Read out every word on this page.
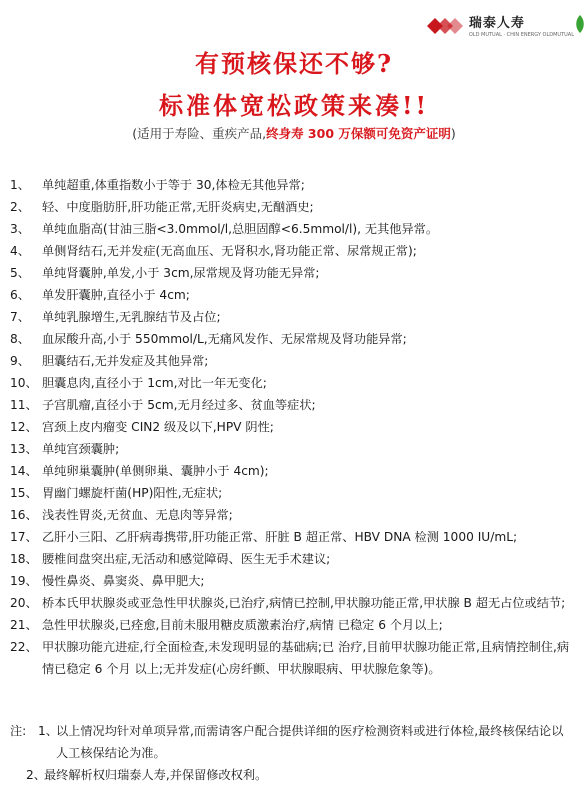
瑞泰人寿
OLD MUTUAL · CHIN ENERGY OLDMUTUAL
有预核保还不够?
标准体宽松政策来凑!!
(适用于寿险、重疾产品,终身寿 300 万保额可免资产证明)
1、 单纯超重,体重指数小于等于 30,体检无其他异常;
2、 轻、中度脂肪肝,肝功能正常,无肝炎病史,无酗酒史;
3、 单纯血脂高(甘油三脂<3.0mmol/l,总胆固醇<6.5mmol/l), 无其他异常。
4、 单侧肾结石,无并发症(无高血压、无肾积水,肾功能正常、尿常规正常);
5、 单纯肾囊肿,单发,小于 3cm,尿常规及肾功能无异常;
6、 单发肝囊肿,直径小于 4cm;
7、 单纯乳腺增生,无乳腺结节及占位;
8、 血尿酸升高,小于 550mmol/L,无痛风发作、无尿常规及肾功能异常;
9、 胆囊结石,无并发症及其他异常;
10、 胆囊息肉,直径小于 1cm,对比一年无变化;
11、 子宫肌瘤,直径小于 5cm,无月经过多、贫血等症状;
12、 宫颈上皮内瘤变 CIN2 级及以下,HPV 阴性;
13、 单纯宫颈囊肿;
14、 单纯卵巢囊肿(单侧卵巢、囊肿小于 4cm);
15、 胃幽门螺旋杆菌(HP)阳性,无症状;
16、 浅表性胃炎,无贫血、无息肉等异常;
17、 乙肝小三阳、乙肝病毒携带,肝功能正常、肝脏 B 超正常、HBV DNA 检测 1000 IU/mL;
18、 腰椎间盘突出症,无活动和感觉障碍、医生无手术建议;
19、 慢性鼻炎、鼻窦炎、鼻甲肥大;
20、 桥本氏甲状腺炎或亚急性甲状腺炎,已治疗,病情已控制,甲状腺功能正常,甲状腺 B 超无占位或结节;
21、 急性甲状腺炎,已痊愈,目前未服用糖皮质激素治疗,病情 已稳定 6 个月以上;
22、 甲状腺功能亢进症,行全面检查,未发现明显的基础病;已 治疗,目前甲状腺功能正常,且病情控制住,病情已稳定 6 个月 以上;无并发症(心房纤颤、甲状腺眼病、甲状腺危象等)。
注: 1、
以上情况均针对单项异常,而需请客户配合提供详细的医疗检测资料或进行体检,最终核保结论以人工核保结论为准。
2、
最终解析权归瑞泰人寿,并保留修改权利。
